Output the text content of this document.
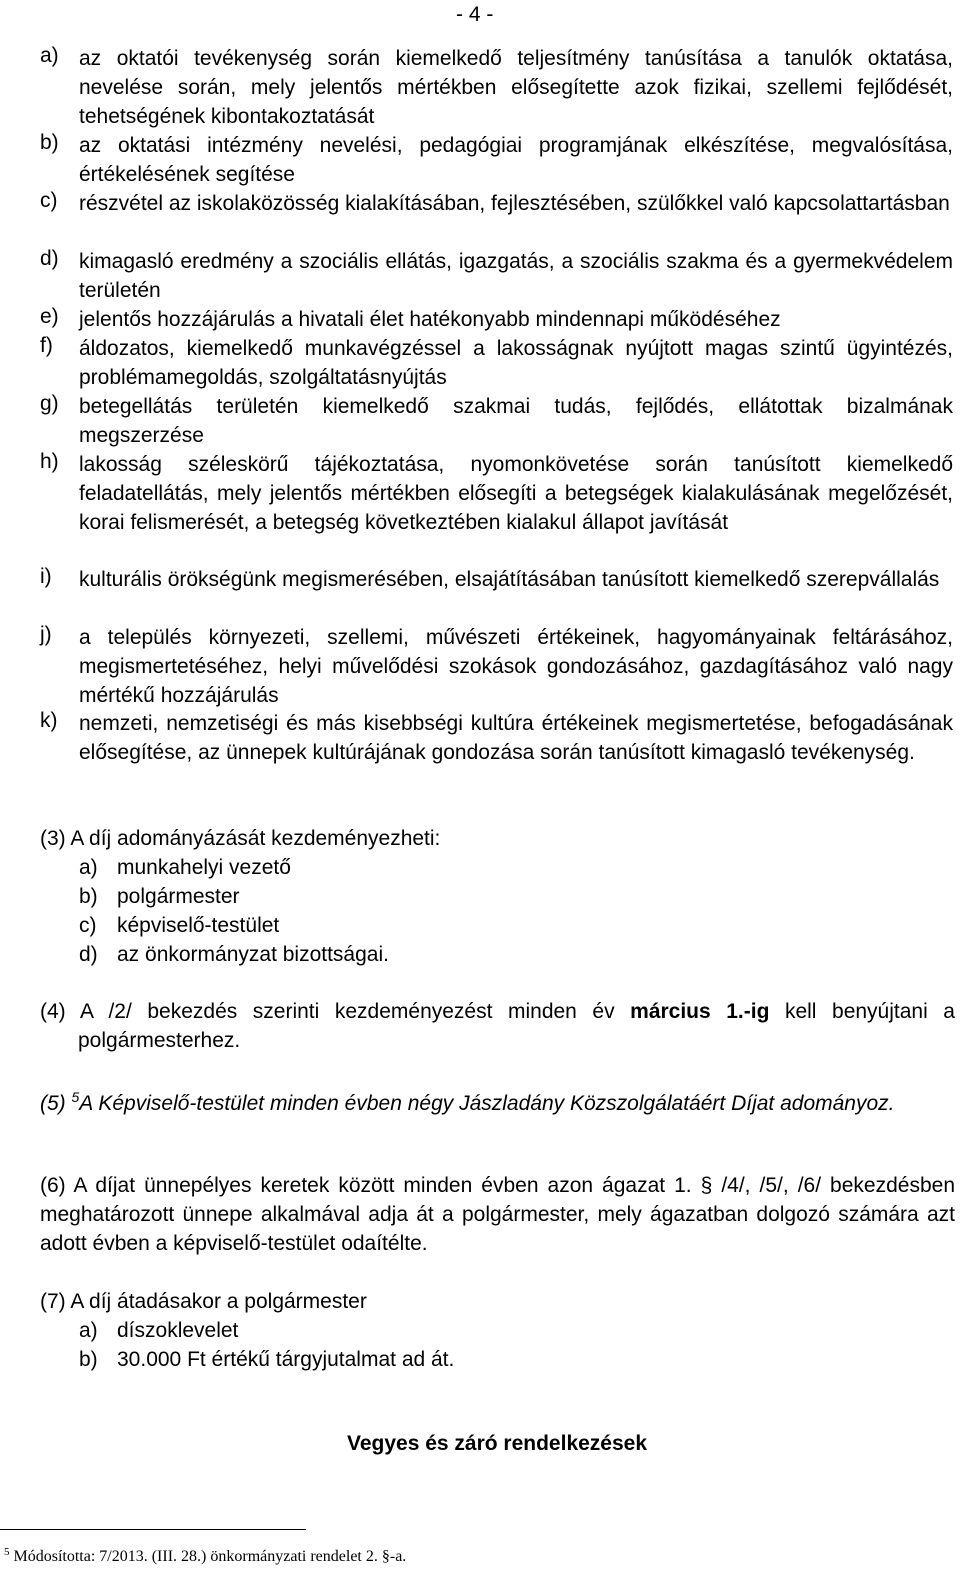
- 4 -
a) az oktatói tevékenység során kiemelkedő teljesítmény tanúsítása a tanulók oktatása, nevelése során, mely jelentős mértékben elősegítette azok fizikai, szellemi fejlődését, tehetségének kibontakoztatását
b) az oktatási intézmény nevelési, pedagógiai programjának elkészítése, megvalósítása, értékelésének segítése
c) részvétel az iskolaközösség kialakításában, fejlesztésében, szülőkkel való kapcsolattartásban
d) kimagasló eredmény a szociális ellátás, igazgatás, a szociális szakma és a gyermekvédelem területén
e) jelentős hozzájárulás a hivatali élet hatékonyabb mindennapi működéséhez
f) áldozatos, kiemelkedő munkavégzéssel a lakosságnak nyújtott magas szintű ügyintézés, problémamegoldás, szolgáltatásnyújtás
g) betegellátás területén kiemelkedő szakmai tudás, fejlődés, ellátottak bizalmának megszerzése
h) lakosság széleskörű tájékoztatása, nyomonkövetése során tanúsított kiemelkedő feladatellátás, mely jelentős mértékben elősegíti a betegségek kialakulásának megelőzését, korai felismerését, a betegség következtében kialakul állapot javítását
i) kulturális örökségünk megismerésében, elsajátításában tanúsított kiemelkedő szerepvállalás
j) a település környezeti, szellemi, művészeti értékeinek, hagyományainak feltárásához, megismertetéséhez, helyi művelődési szokások gondozásához, gazdagításához való nagy mértékű hozzájárulás
k) nemzeti, nemzetiségi és más kisebbségi kultúra értékeinek megismertetése, befogadásának elősegítése, az ünnepek kultúrájának gondozása során tanúsított kimagasló tevékenység.
(3) A díj adományázását kezdeményezheti:
a) munkahelyi vezető
b) polgármester
c) képviselő-testület
d) az önkormányzat bizottságai.
(4) A /2/ bekezdés szerinti kezdeményezést minden év március 1.-ig kell benyújtani a polgármesterhez.
(5) $^5$A Képviselő-testület minden évben négy Jászladány Közszolgálatáért Díjat adományoz.
(6) A díjat ünnepélyes keretek között minden évben azon ágazat 1. § /4/, /5/, /6/ bekezdésben meghatározott ünnepe alkalmával adja át a polgármester, mely ágazatban dolgozó számára azt adott évben a képviselő-testület odaítélte.
(7) A díj átadásakor a polgármester
a) díszoklevelet
b) 30.000 Ft értékű tárgyjutalmat ad át.
Vegyes és záró rendelkezések
$^5$ Módosította: 7/2013. (III. 28.) önkormányzati rendelet 2. §-a.
